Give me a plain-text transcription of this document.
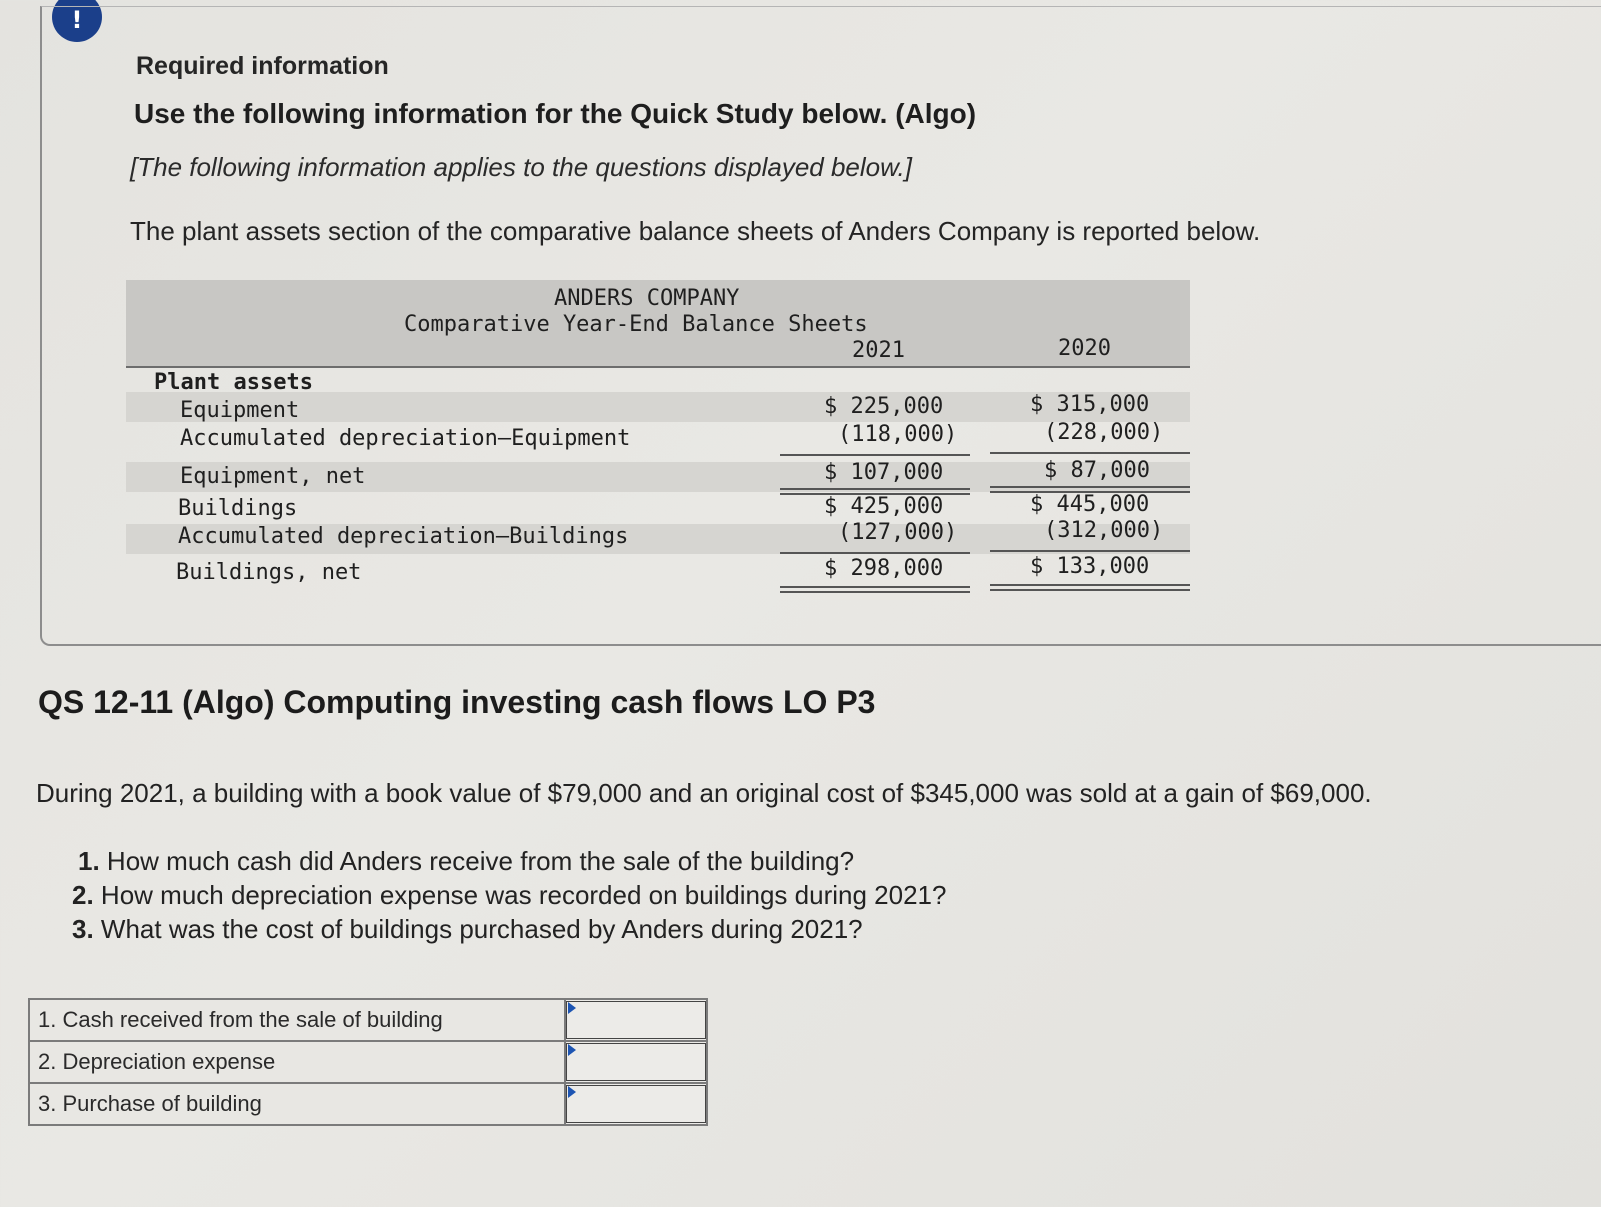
!
Required information
Use the following information for the Quick Study below. (Algo)
[The following information applies to the questions displayed below.]
The plant assets section of the comparative balance sheets of Anders Company is reported below.
ANDERS COMPANY
Comparative Year-End Balance Sheets
2021	2020
Plant assets
Equipment	$ 225,000	$ 315,000
Accumulated depreciation—Equipment	(118,000)	(228,000)
Equipment, net	$ 107,000	$ 87,000
Buildings	$ 425,000	$ 445,000
Accumulated depreciation—Buildings	(127,000)	(312,000)
Buildings, net	$ 298,000	$ 133,000
QS 12-11 (Algo) Computing investing cash flows LO P3
During 2021, a building with a book value of $79,000 and an original cost of $345,000 was sold at a gain of $69,000.
1. How much cash did Anders receive from the sale of the building?
2. How much depreciation expense was recorded on buildings during 2021?
3. What was the cost of buildings purchased by Anders during 2021?
1. Cash received from the sale of building	

2. Depreciation expense	

3. Purchase of building	
